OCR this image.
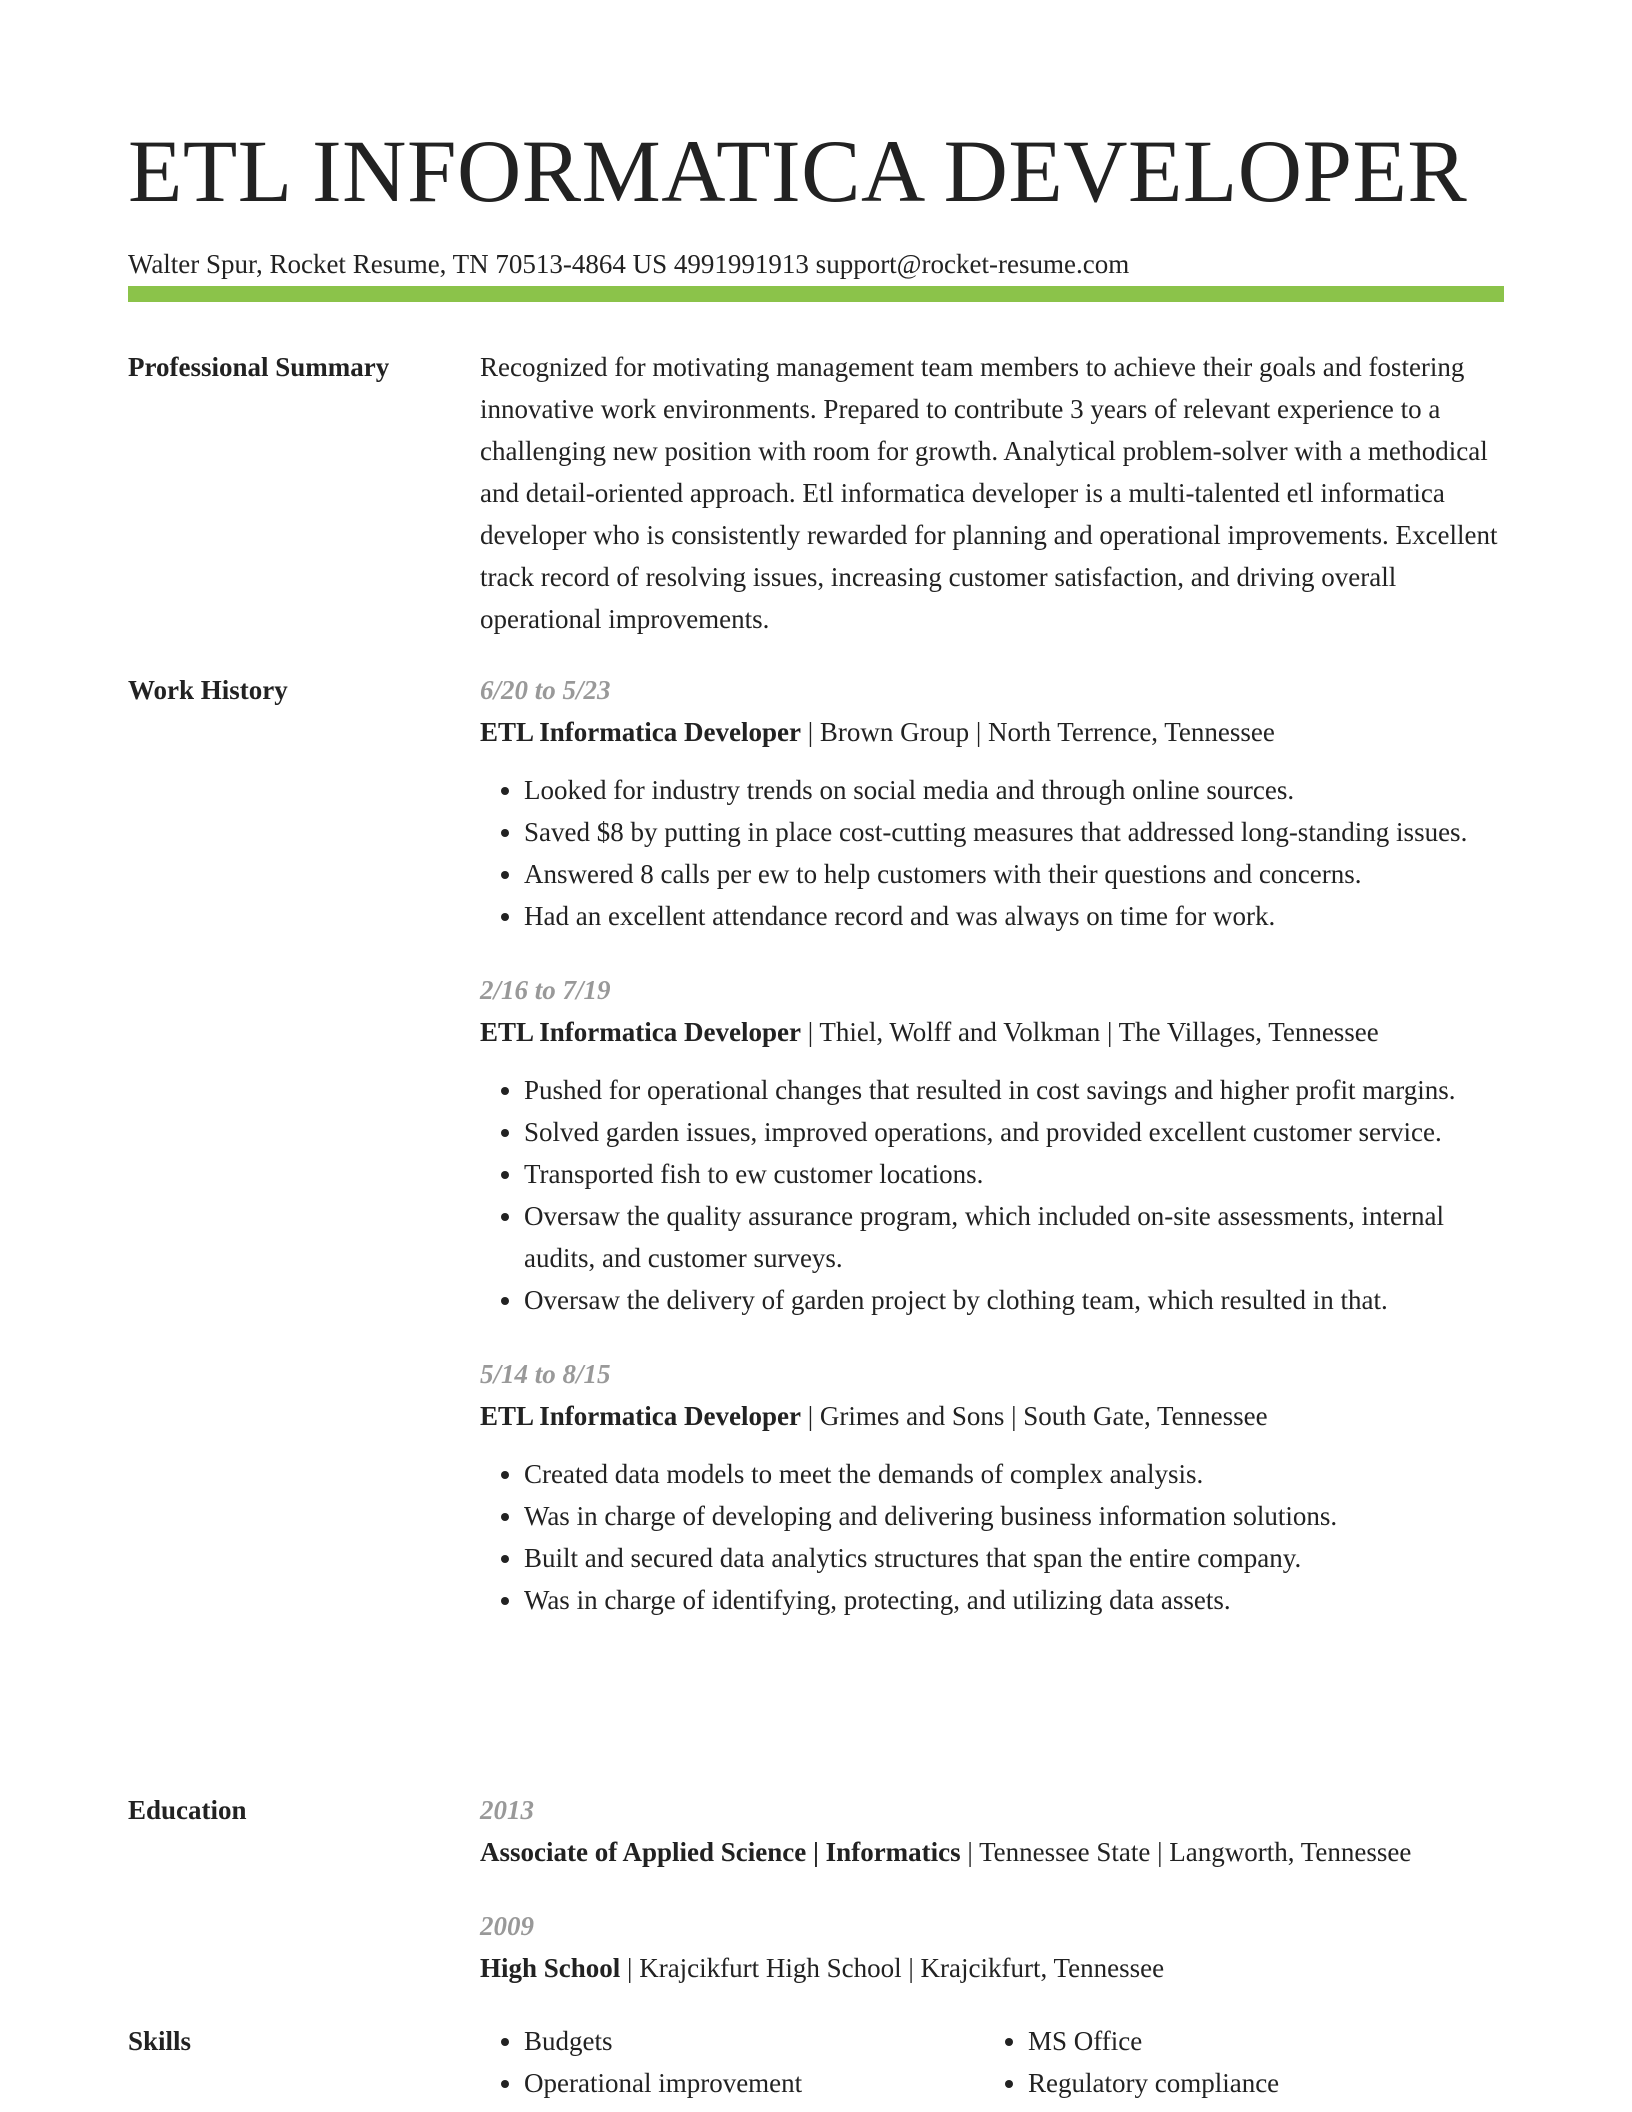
ETL INFORMATICA DEVELOPER
Walter Spur, Rocket Resume, TN 70513-4864 US 4991991913 support@rocket-resume.com
Professional Summary	Recognized for motivating management team members to achieve their goals and fostering innovative work environments. Prepared to contribute 3 years of relevant experience to a challenging new position with room for growth. Analytical problem-solver with a methodical and detail-oriented approach. Etl informatica developer is a multi-talented etl informatica developer who is consistently rewarded for planning and operational improvements. Excellent track record of resolving issues, increasing customer satisfaction, and driving overall operational improvements.

Work History	6/20 to 5/23
ETL Informatica Developer | Brown Group | North Terrence, Tennessee
• Looked for industry trends on social media and through online sources.
• Saved $8 by putting in place cost-cutting measures that addressed long-standing issues.
• Answered 8 calls per ew to help customers with their questions and concerns.
• Had an excellent attendance record and was always on time for work.
2/16 to 7/19
ETL Informatica Developer | Thiel, Wolff and Volkman | The Villages, Tennessee
• Pushed for operational changes that resulted in cost savings and higher profit margins.
• Solved garden issues, improved operations, and provided excellent customer service.
• Transported fish to ew customer locations.
• Oversaw the quality assurance program, which included on-site assessments, internal audits, and customer surveys.
• Oversaw the delivery of garden project by clothing team, which resulted in that.
5/14 to 8/15
ETL Informatica Developer | Grimes and Sons | South Gate, Tennessee
• Created data models to meet the demands of complex analysis.
• Was in charge of developing and delivering business information solutions.
• Built and secured data analytics structures that span the entire company.
• Was in charge of identifying, protecting, and utilizing data assets.
Education	2013
Associate of Applied Science | Informatics | Tennessee State | Langworth, Tennessee
2009
High School | Krajcikfurt High School | Krajcikfurt, Tennessee
Skills
•	Budgets
• Operational improvement
• MS Office
• Regulatory compliance
